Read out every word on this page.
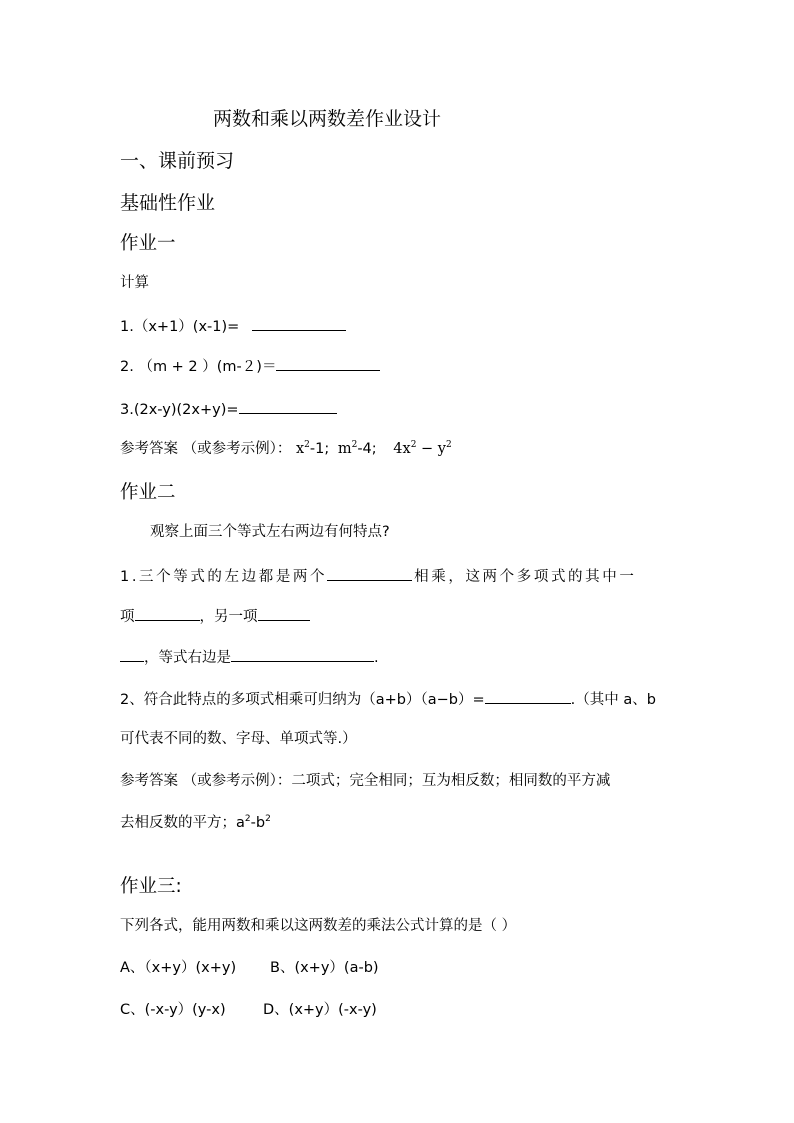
两数和乘以两数差作业设计
一、课前预习
基础性作业
作业一
计算
1.（x+1）(x-1)=
2. （m + 2 ）(m-２)＝
3.(2x-y)(2x+y)=
参考答案 （或参考示例）： $x^2-1$; $m^2-4$; $4x^2 - y^2$
作业二
观察上面三个等式左右两边有何特点?
1.三个等式的左边都是两个	相乘，这两个多项式的其中一
项	，另一项
，等式右边是	.
2、符合此特点的多项式相乘可归纳为（a+b）（a−b）=	.（其中 a、b
可代表不同的数、字母、单项式等.）
参考答案 （或参考示例）：二项式；完全相同；互为相反数；相同数的平方减
去相反数的平方；$a^2-b^2$
作业三:
下列各式，能用两数和乘以这两数差的乘法公式计算的是（ ）
A、（x+y）(x+y) B、(x+y）(a-b)
C、(-x-y）(y-x)	D、(x+y）(-x-y)
